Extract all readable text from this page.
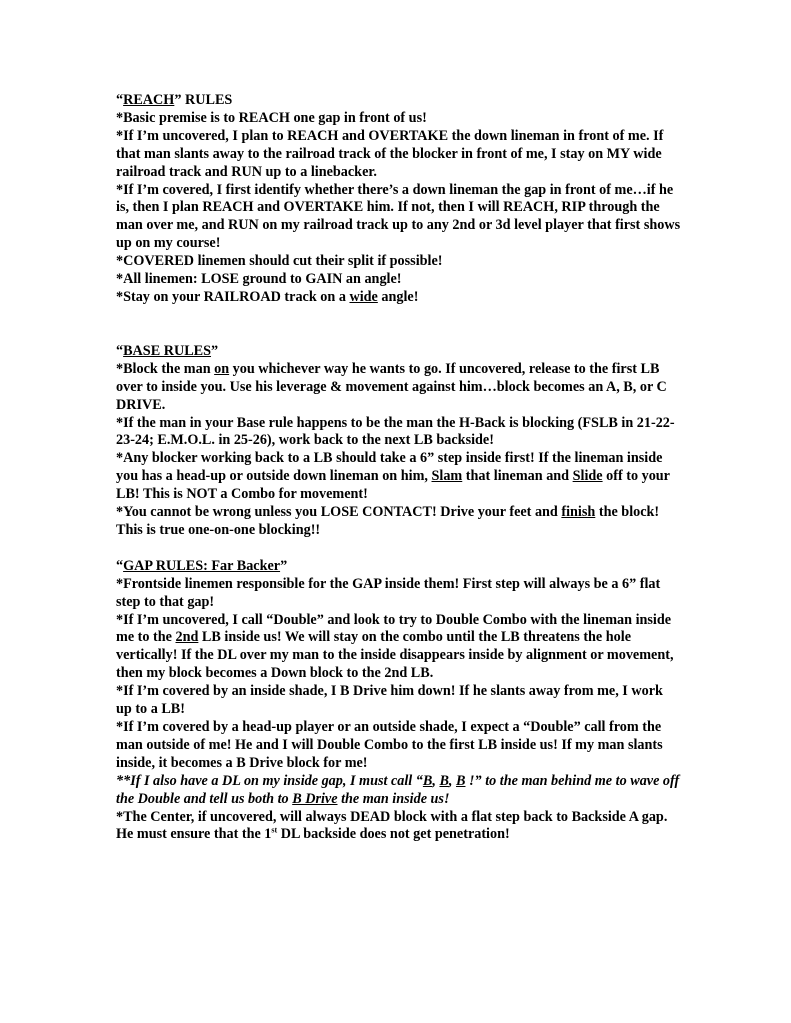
“REACH” RULES

*Basic premise is to REACH one gap in front of us!

*If I’m uncovered, I plan to REACH and OVERTAKE the down lineman in front of me. If that man slants away to the railroad track of the blocker in front of me, I stay on MY wide railroad track and RUN up to a linebacker.

*If I’m covered, I first identify whether there’s a down lineman the gap in front of me…if he is, then I plan REACH and OVERTAKE him. If not, then I will REACH, RIP through the man over me, and RUN on my railroad track up to any 2nd or 3d level player that first shows up on my course!

*COVERED linemen should cut their split if possible!

*All linemen: LOSE ground to GAIN an angle!

*Stay on your RAILROAD track on a wide angle!

“BASE RULES”

*Block the man on you whichever way he wants to go. If uncovered, release to the first LB over to inside you. Use his leverage & movement against him…block becomes an A, B, or C DRIVE.

*If the man in your Base rule happens to be the man the H-Back is blocking (FSLB in 21-22-23-24; E.M.O.L. in 25-26), work back to the next LB backside!

*Any blocker working back to a LB should take a 6” step inside first! If the lineman inside you has a head-up or outside down lineman on him, Slam that lineman and Slide off to your LB! This is NOT a Combo for movement!

*You cannot be wrong unless you LOSE CONTACT! Drive your feet and finish the block! This is true one-on-one blocking!!

“GAP RULES: Far Backer”

*Frontside linemen responsible for the GAP inside them! First step will always be a 6” flat step to that gap!

*If I’m uncovered, I call “Double” and look to try to Double Combo with the lineman inside me to the 2nd LB inside us! We will stay on the combo until the LB threatens the hole vertically! If the DL over my man to the inside disappears inside by alignment or movement, then my block becomes a Down block to the 2nd LB.

*If I’m covered by an inside shade, I B Drive him down! If he slants away from me, I work up to a LB!

*If I’m covered by a head-up player or an outside shade, I expect a “Double” call from the man outside of me! He and I will Double Combo to the first LB inside us! If my man slants inside, it becomes a B Drive block for me!

**If I also have a DL on my inside gap, I must call “B, B, B !” to the man behind me to wave off the Double and tell us both to B Drive the man inside us!

*The Center, if uncovered, will always DEAD block with a flat step back to Backside A gap. He must ensure that the 1st DL backside does not get penetration!
